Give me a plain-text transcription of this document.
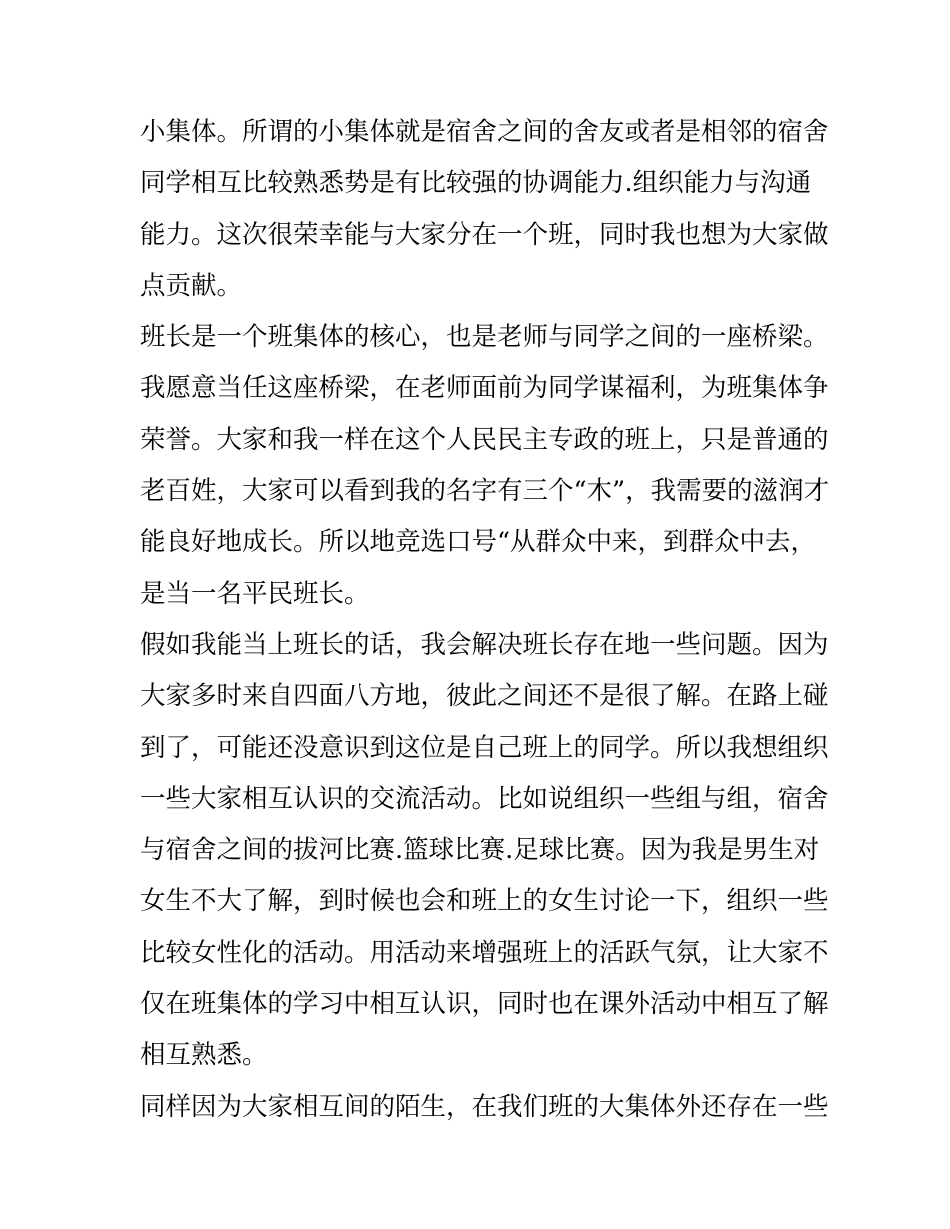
小集体。所谓的小集体就是宿舍之间的舍友或者是相邻的宿舍
同学相互比较熟悉势是有比较强的协调能力.组织能力与沟通
能力。这次很荣幸能与大家分在一个班，同时我也想为大家做
点贡献。
班长是一个班集体的核心，也是老师与同学之间的一座桥梁。
我愿意当任这座桥梁，在老师面前为同学谋福利，为班集体争
荣誉。大家和我一样在这个人民民主专政的班上，只是普通的
老百姓，大家可以看到我的名字有三个“木”，我需要的滋润才
能良好地成长。所以地竞选口号“从群众中来，到群众中去，
是当一名平民班长。
假如我能当上班长的话，我会解决班长存在地一些问题。因为
大家多时来自四面八方地，彼此之间还不是很了解。在路上碰
到了，可能还没意识到这位是自己班上的同学。所以我想组织
一些大家相互认识的交流活动。比如说组织一些组与组，宿舍
与宿舍之间的拔河比赛.篮球比赛.足球比赛。因为我是男生对
女生不大了解，到时候也会和班上的女生讨论一下，组织一些
比较女性化的活动。用活动来增强班上的活跃气氛，让大家不
仅在班集体的学习中相互认识，同时也在课外活动中相互了解
相互熟悉。
同样因为大家相互间的陌生，在我们班的大集体外还存在一些
